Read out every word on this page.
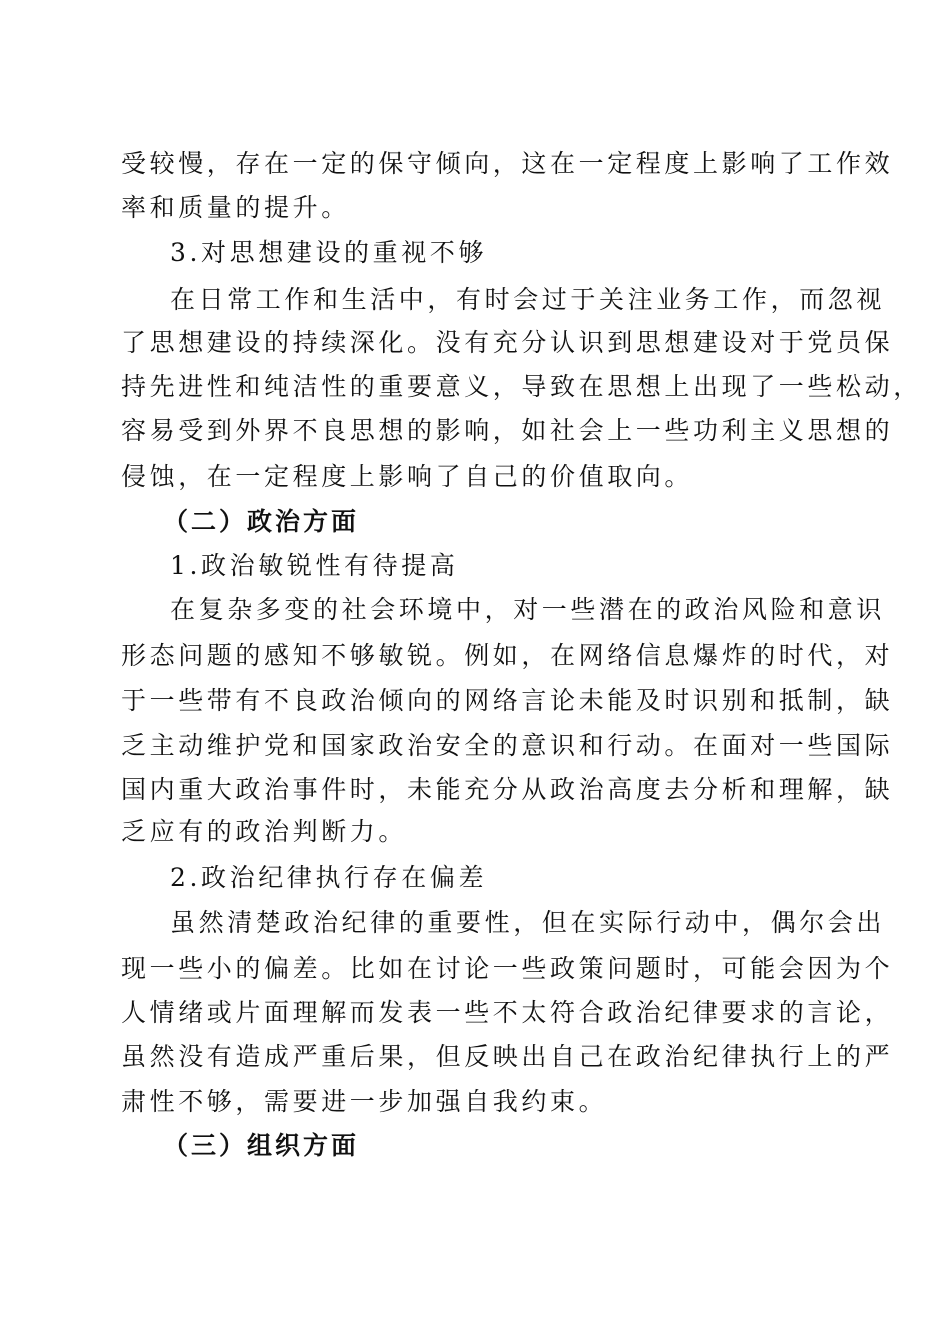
受较慢，存在一定的保守倾向，这在一定程度上影响了工作效
率和质量的提升。
3.对思想建设的重视不够
在日常工作和生活中，有时会过于关注业务工作，而忽视
了思想建设的持续深化。没有充分认识到思想建设对于党员保
持先进性和纯洁性的重要意义，导致在思想上出现了一些松动，
容易受到外界不良思想的影响，如社会上一些功利主义思想的
侵蚀，在一定程度上影响了自己的价值取向。
（二）政治方面
1.政治敏锐性有待提高
在复杂多变的社会环境中，对一些潜在的政治风险和意识
形态问题的感知不够敏锐。例如，在网络信息爆炸的时代，对
于一些带有不良政治倾向的网络言论未能及时识别和抵制，缺
乏主动维护党和国家政治安全的意识和行动。在面对一些国际
国内重大政治事件时，未能充分从政治高度去分析和理解，缺
乏应有的政治判断力。
2.政治纪律执行存在偏差
虽然清楚政治纪律的重要性，但在实际行动中，偶尔会出
现一些小的偏差。比如在讨论一些政策问题时，可能会因为个
人情绪或片面理解而发表一些不太符合政治纪律要求的言论，
虽然没有造成严重后果，但反映出自己在政治纪律执行上的严
肃性不够，需要进一步加强自我约束。
（三）组织方面
